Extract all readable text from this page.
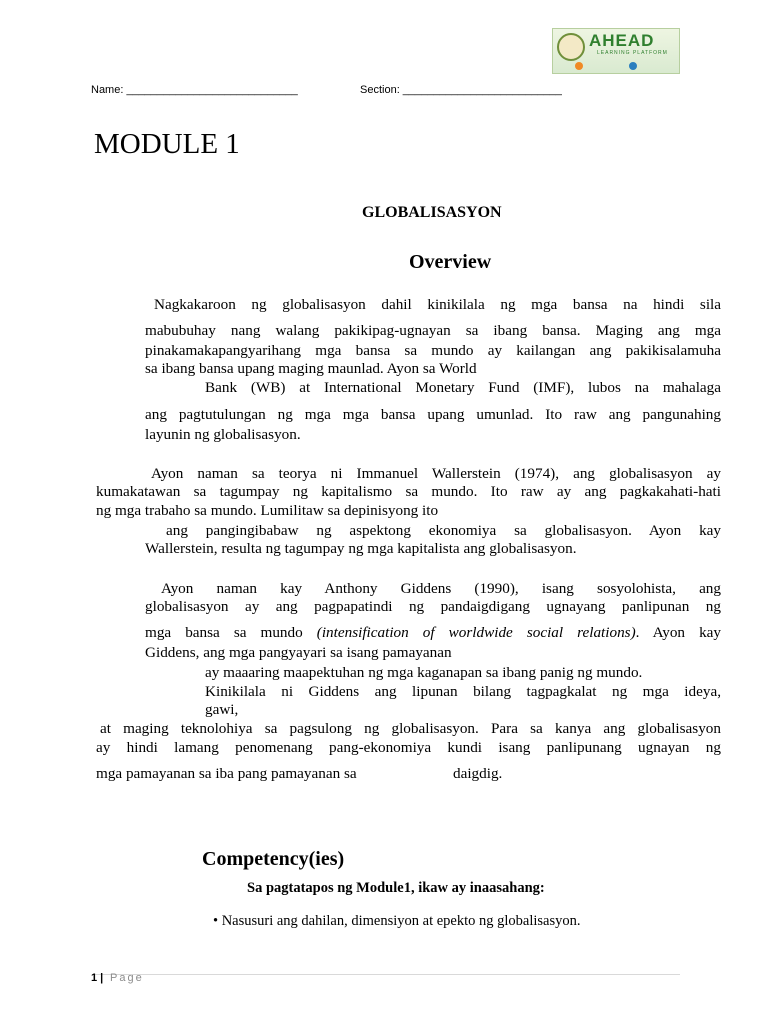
AHEAD
LEARNING PLATFORM
Name: ____________________________	Section: __________________________
MODULE 1
GLOBALISASYON
Overview
Nagkakaroon ng globalisasyon dahil kinikilala ng mga bansa na hindi sila
mabubuhay nang walang pakikipag-ugnayan sa ibang bansa. Maging ang mga
pinakamakapangyarihang mga bansa sa mundo ay kailangan ang pakikisalamuha
sa ibang bansa upang maging maunlad. Ayon sa World
Bank (WB) at International Monetary Fund (IMF), lubos na mahalaga
ang pagtutulungan ng mga mga bansa upang umunlad. Ito raw ang pangunahing
layunin ng globalisasyon.
Ayon naman sa teorya ni Immanuel Wallerstein (1974), ang globalisasyon ay
kumakatawan sa tagumpay ng kapitalismo sa mundo. Ito raw ay ang pagkakahati-hati
ng mga trabaho sa mundo. Lumilitaw sa depinisyong ito
ang pangingibabaw ng aspektong ekonomiya sa globalisasyon. Ayon kay
Wallerstein, resulta ng tagumpay ng mga kapitalista ang globalisasyon.
Ayon naman kay Anthony Giddens (1990), isang sosyolohista, ang
globalisasyon ay ang pagpapatindi ng pandaigdigang ugnayang panlipunan ng
mga bansa sa mundo (intensification of worldwide social relations). Ayon kay
Giddens, ang mga pangyayari sa isang pamayanan
ay maaaring maapektuhan ng mga kaganapan sa ibang panig ng mundo.
Kinikilala ni Giddens ang lipunan bilang tagpagkalat ng mga ideya,
gawi,
at maging teknolohiya sa pagsulong ng globalisasyon. Para sa kanya ang globalisasyon
ay hindi lamang penomenang pang-ekonomiya kundi isang panlipunang ugnayan ng
mga pamayanan sa iba pang pamayanan sa	daigdig.
Competency(ies)
Sa pagtatapos ng Module1, ikaw ay inaasahang:
• Nasusuri ang dahilan, dimensiyon at epekto ng globalisasyon.
1 | Page
